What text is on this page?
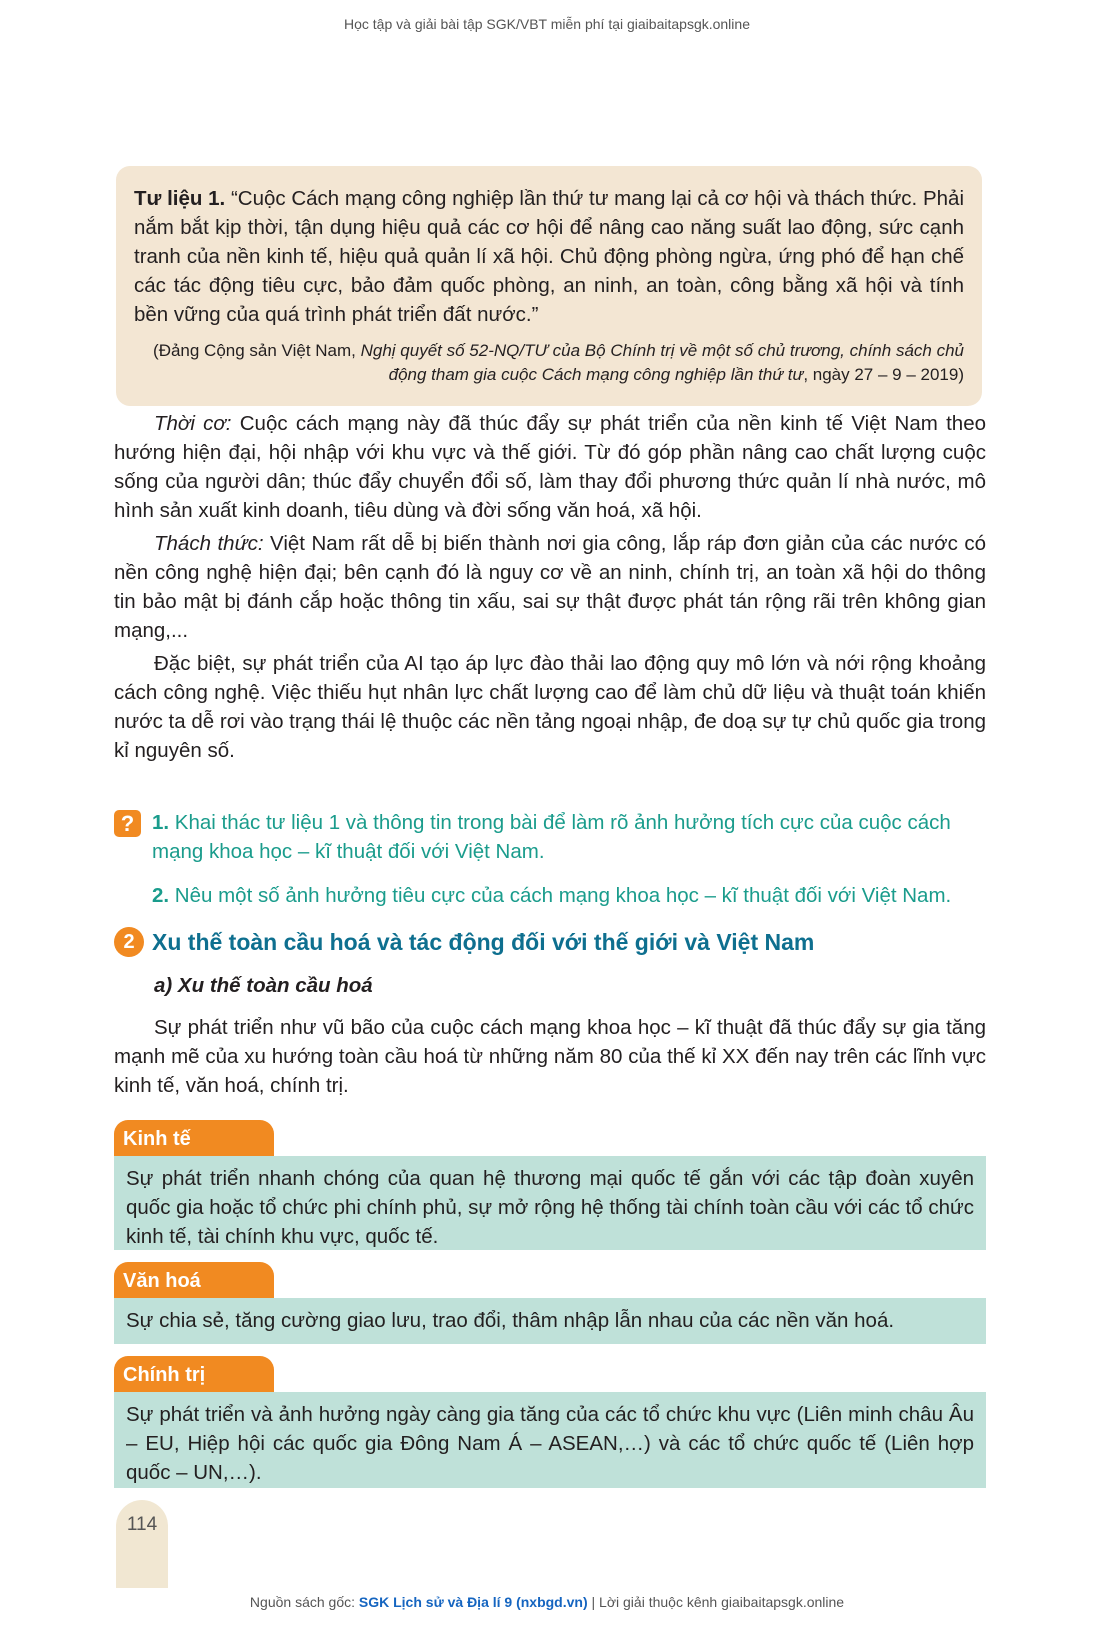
Học tập và giải bài tập SGK/VBT miễn phí tại giaibaitapsgk.online

Tư liệu 1. “Cuộc Cách mạng công nghiệp lần thứ tư mang lại cả cơ hội và thách thức. Phải nắm bắt kịp thời, tận dụng hiệu quả các cơ hội để nâng cao năng suất lao động, sức cạnh tranh của nền kinh tế, hiệu quả quản lí xã hội. Chủ động phòng ngừa, ứng phó để hạn chế các tác động tiêu cực, bảo đảm quốc phòng, an ninh, an toàn, công bằng xã hội và tính bền vững của quá trình phát triển đất nước.”

(Đảng Cộng sản Việt Nam, Nghị quyết số 52-NQ/TƯ của Bộ Chính trị về một số chủ trương, chính sách chủ động tham gia cuộc Cách mạng công nghiệp lần thứ tư, ngày 27 – 9 – 2019)

Thời cơ: Cuộc cách mạng này đã thúc đẩy sự phát triển của nền kinh tế Việt Nam theo hướng hiện đại, hội nhập với khu vực và thế giới. Từ đó góp phần nâng cao chất lượng cuộc sống của người dân; thúc đẩy chuyển đổi số, làm thay đổi phương thức quản lí nhà nước, mô hình sản xuất kinh doanh, tiêu dùng và đời sống văn hoá, xã hội.

Thách thức: Việt Nam rất dễ bị biến thành nơi gia công, lắp ráp đơn giản của các nước có nền công nghệ hiện đại; bên cạnh đó là nguy cơ về an ninh, chính trị, an toàn xã hội do thông tin bảo mật bị đánh cắp hoặc thông tin xấu, sai sự thật được phát tán rộng rãi trên không gian mạng,...

Đặc biệt, sự phát triển của AI tạo áp lực đào thải lao động quy mô lớn và nới rộng khoảng cách công nghệ. Việc thiếu hụt nhân lực chất lượng cao để làm chủ dữ liệu và thuật toán khiến nước ta dễ rơi vào trạng thái lệ thuộc các nền tảng ngoại nhập, đe doạ sự tự chủ quốc gia trong kỉ nguyên số.

? 1. Khai thác tư liệu 1 và thông tin trong bài để làm rõ ảnh hưởng tích cực của cuộc cách mạng khoa học – kĩ thuật đối với Việt Nam.

2. Nêu một số ảnh hưởng tiêu cực của cách mạng khoa học – kĩ thuật đối với Việt Nam.

2 Xu thế toàn cầu hoá và tác động đối với thế giới và Việt Nam
a) Xu thế toàn cầu hoá

Sự phát triển như vũ bão của cuộc cách mạng khoa học – kĩ thuật đã thúc đẩy sự gia tăng mạnh mẽ của xu hướng toàn cầu hoá từ những năm 80 của thế kỉ XX đến nay trên các lĩnh vực kinh tế, văn hoá, chính trị.

Kinh tế
Sự phát triển nhanh chóng của quan hệ thương mại quốc tế gắn với các tập đoàn xuyên quốc gia hoặc tổ chức phi chính phủ, sự mở rộng hệ thống tài chính toàn cầu với các tổ chức kinh tế, tài chính khu vực, quốc tế.
Văn hoá
Sự chia sẻ, tăng cường giao lưu, trao đổi, thâm nhập lẫn nhau của các nền văn hoá.
Chính trị
Sự phát triển và ảnh hưởng ngày càng gia tăng của các tổ chức khu vực (Liên minh châu Âu – EU, Hiệp hội các quốc gia Đông Nam Á – ASEAN,…) và các tổ chức quốc tế (Liên hợp quốc – UN,…).
114
Nguồn sách gốc: SGK Lịch sử và Địa lí 9 (nxbgd.vn) | Lời giải thuộc kênh giaibaitapsgk.online
